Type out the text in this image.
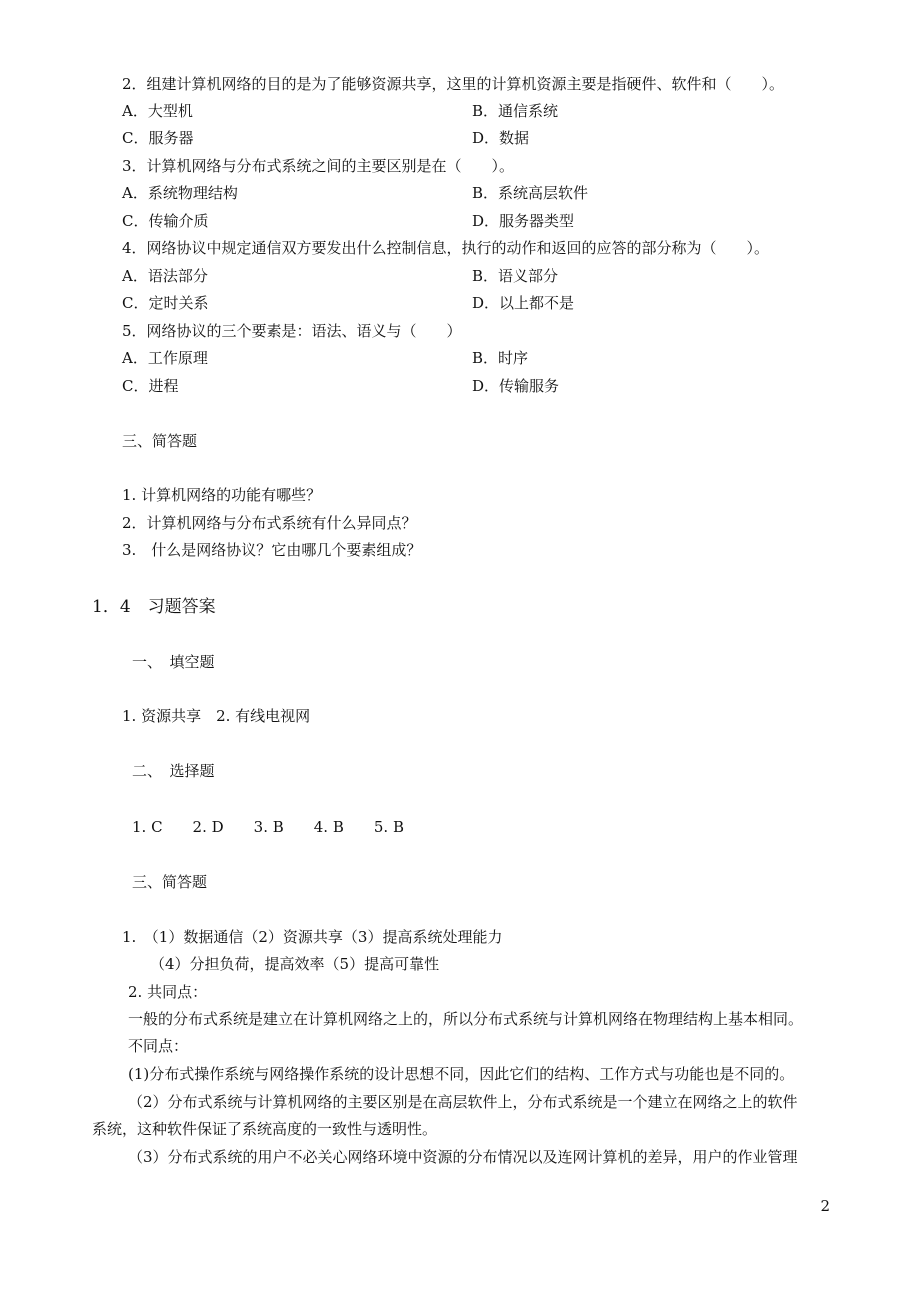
2．组建计算机网络的目的是为了能够资源共享，这里的计算机资源主要是指硬件、软件和（　　）。
A．大型机	B．通信系统
C．服务器	D．数据
3．计算机网络与分布式系统之间的主要区别是在（　　）。
A．系统物理结构	B．系统高层软件
C．传输介质	D．服务器类型
4．网络协议中规定通信双方要发出什么控制信息，执行的动作和返回的应答的部分称为（　　）。
A．语法部分	B．语义部分
C．定时关系	D．以上都不是
5．网络协议的三个要素是：语法、语义与（　　）
A．工作原理	B．时序
C．进程	D．传输服务
三、简答题
1. 计算机网络的功能有哪些？
2．计算机网络与分布式系统有什么异同点？
3.　什么是网络协议？它由哪几个要素组成？
1．4　习题答案
一、　填空题
1. 资源共享　2. 有线电视网
二、　选择题
1. C　　2. D　　3. B　　4. B　　5. B
三、简答题
1.　（1）数据通信（2）资源共享（3）提高系统处理能力
（4）分担负荷，提高效率（5）提高可靠性
2. 共同点：
一般的分布式系统是建立在计算机网络之上的，所以分布式系统与计算机网络在物理结构上基本相同。
不同点：
(1)分布式操作系统与网络操作系统的设计思想不同，因此它们的结构、工作方式与功能也是不同的。
（2）分布式系统与计算机网络的主要区别是在高层软件上，分布式系统是一个建立在网络之上的软件
系统，这种软件保证了系统高度的一致性与透明性。
（3）分布式系统的用户不必关心网络环境中资源的分布情况以及连网计算机的差异，用户的作业管理
2
